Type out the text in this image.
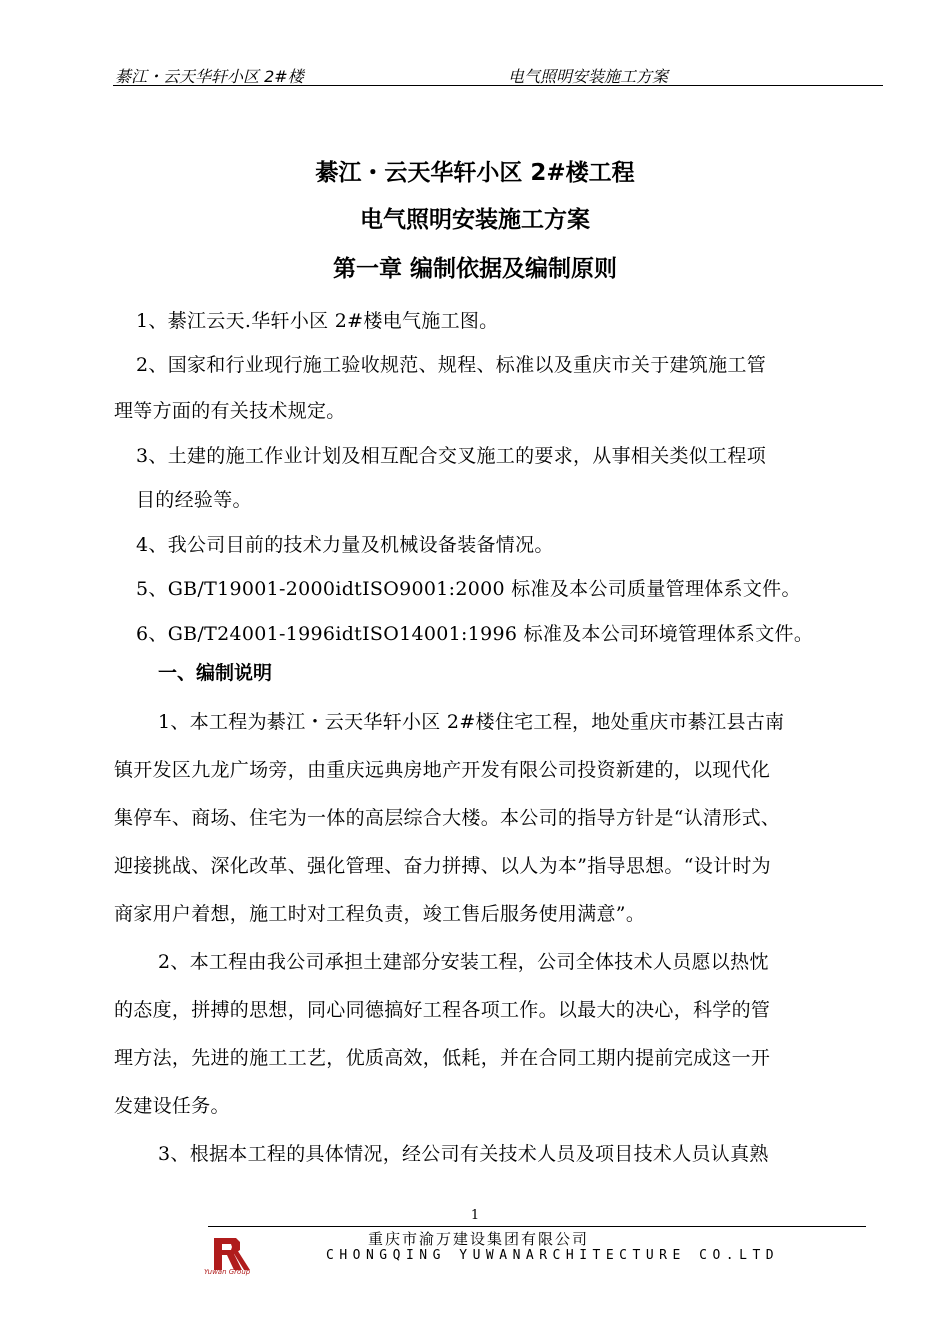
綦江・云天华轩小区 2#楼	电气照明安装施工方案
綦江・云天华轩小区 2#楼工程
电气照明安装施工方案
第一章 编制依据及编制原则
1、綦江云天.华轩小区 2#楼电气施工图。
2、国家和行业现行施工验收规范、规程、标准以及重庆市关于建筑施工管
理等方面的有关技术规定。
3、土建的施工作业计划及相互配合交叉施工的要求，从事相关类似工程项
目的经验等。
4、我公司目前的技术力量及机械设备装备情况。
5、GB/T19001-2000idtISO9001:2000 标准及本公司质量管理体系文件。
6、GB/T24001-1996idtISO14001:1996 标准及本公司环境管理体系文件。
一、编制说明
1、本工程为綦江・云天华轩小区 2#楼住宅工程，地处重庆市綦江县古南
镇开发区九龙广场旁，由重庆远典房地产开发有限公司投资新建的，以现代化
集停车、商场、住宅为一体的高层综合大楼。本公司的指导方针是“认清形式、
迎接挑战、深化改革、强化管理、奋力拼搏、以人为本”指导思想。“设计时为
商家用户着想，施工时对工程负责，竣工售后服务使用满意”。
2、本工程由我公司承担土建部分安装工程，公司全体技术人员愿以热忱
的态度，拼搏的思想，同心同德搞好工程各项工作。以最大的决心，科学的管
理方法，先进的施工工艺，优质高效，低耗，并在合同工期内提前完成这一开
发建设任务。
3、根据本工程的具体情况，经公司有关技术人员及项目技术人员认真熟
1
Yuwan Group
重庆市渝万建设集团有限公司
CHONGQING YUWANARCHITECTURE CO.LTD
